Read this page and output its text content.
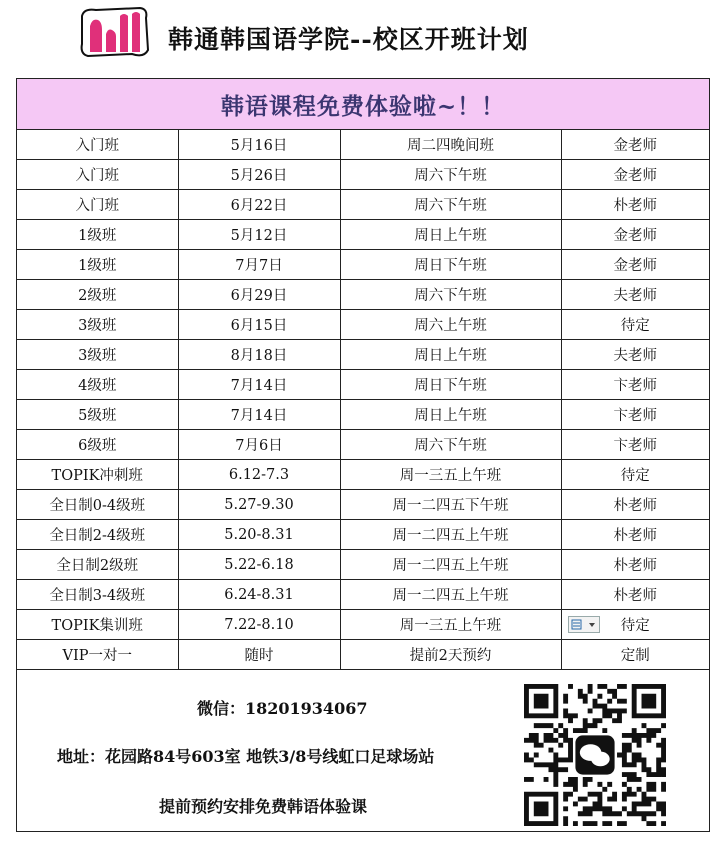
韩通韩国语学院--校区开班计划
韩语课程免费体验啦~！！
入门班	5月16日	周二四晚间班	金老师
入门班	5月26日	周六下午班	金老师
入门班	6月22日	周六下午班	朴老师
1级班	5月12日	周日上午班	金老师
1级班	7月7日	周日下午班	金老师
2级班	6月29日	周六下午班	夫老师
3级班	6月15日	周六上午班	待定
3级班	8月18日	周日上午班	夫老师
4级班	7月14日	周日下午班	卞老师
5级班	7月14日	周日上午班	卞老师
6级班	7月6日	周六下午班	卞老师
TOPIK冲刺班	6.12-7.3	周一三五上午班	待定
全日制0-4级班	5.27-9.30	周一二四五下午班	朴老师
全日制2-4级班	5.20-8.31	周一二四五上午班	朴老师
全日制2级班	5.22-6.18	周一二四五上午班	朴老师
全日制3-4级班	6.24-8.31	周一二四五上午班	朴老师
TOPIK集训班	7.22-8.10	周一三五上午班	待定

VIP一对一	随时	提前2天预约	定制
微信：18201934067
地址：花园路84号603室 地铁3/8号线虹口足球场站
提前预约安排免费韩语体验课
